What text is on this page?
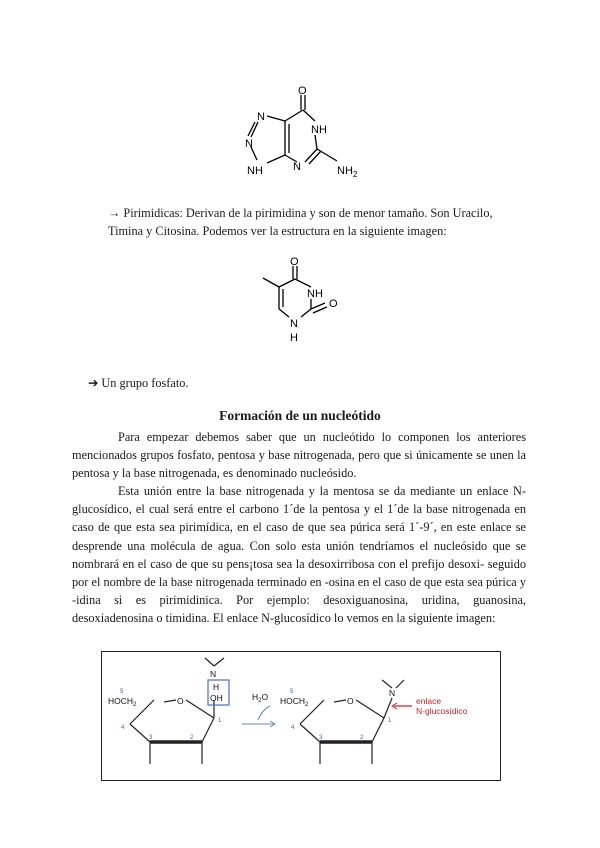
O
NH
N
N
NH	N	$NH_2$
→ Pirimidicas: Derivan de la pirimidina y son de menor tamaño. Son Uracilo, Timina y Citosina. Podemos ver la estructura en la siguiente imagen:
O
NH
O
N
H
➔ Un grupo fosfato.
Formación de un nucleótido
Para empezar debemos saber que un nucleótido lo componen los anteriores mencionados grupos fosfato, pentosa y base nitrogenada, pero que si únicamente se unen la pentosa y la base nitrogenada, es denominado nucleósido.
Esta unión entre la base nitrogenada y la mentosa se da mediante un enlace N-glucosídico, el cual será entre el carbono 1´de la pentosa y el 1´de la base nitrogenada en caso de que esta sea pirimídica, en el caso de que sea púrica será 1´-9´, en este enlace se desprende una molécula de agua. Con solo esta unión tendríamos el nucleósido que se nombrará en el caso de que su pens¡tosa sea la desoxirribosa con el prefijo desoxi- seguido por el nombre de la base nitrogenada terminado en -osina en el caso de que esta sea púrica y -idina si es pirimidinica. Por ejemplo: desoxiguanosina, uridina, guanosina, desoxiadenosina o timidina. El enlace N-glucosídico lo vemos en la siguiente imagen:
$HOCH_2$	O
N
H
OH
5
4
3	2
1
$H_2O$ $HOCH_2$	O
N
5
4
3	2
1
enlace
N-glucosídico
